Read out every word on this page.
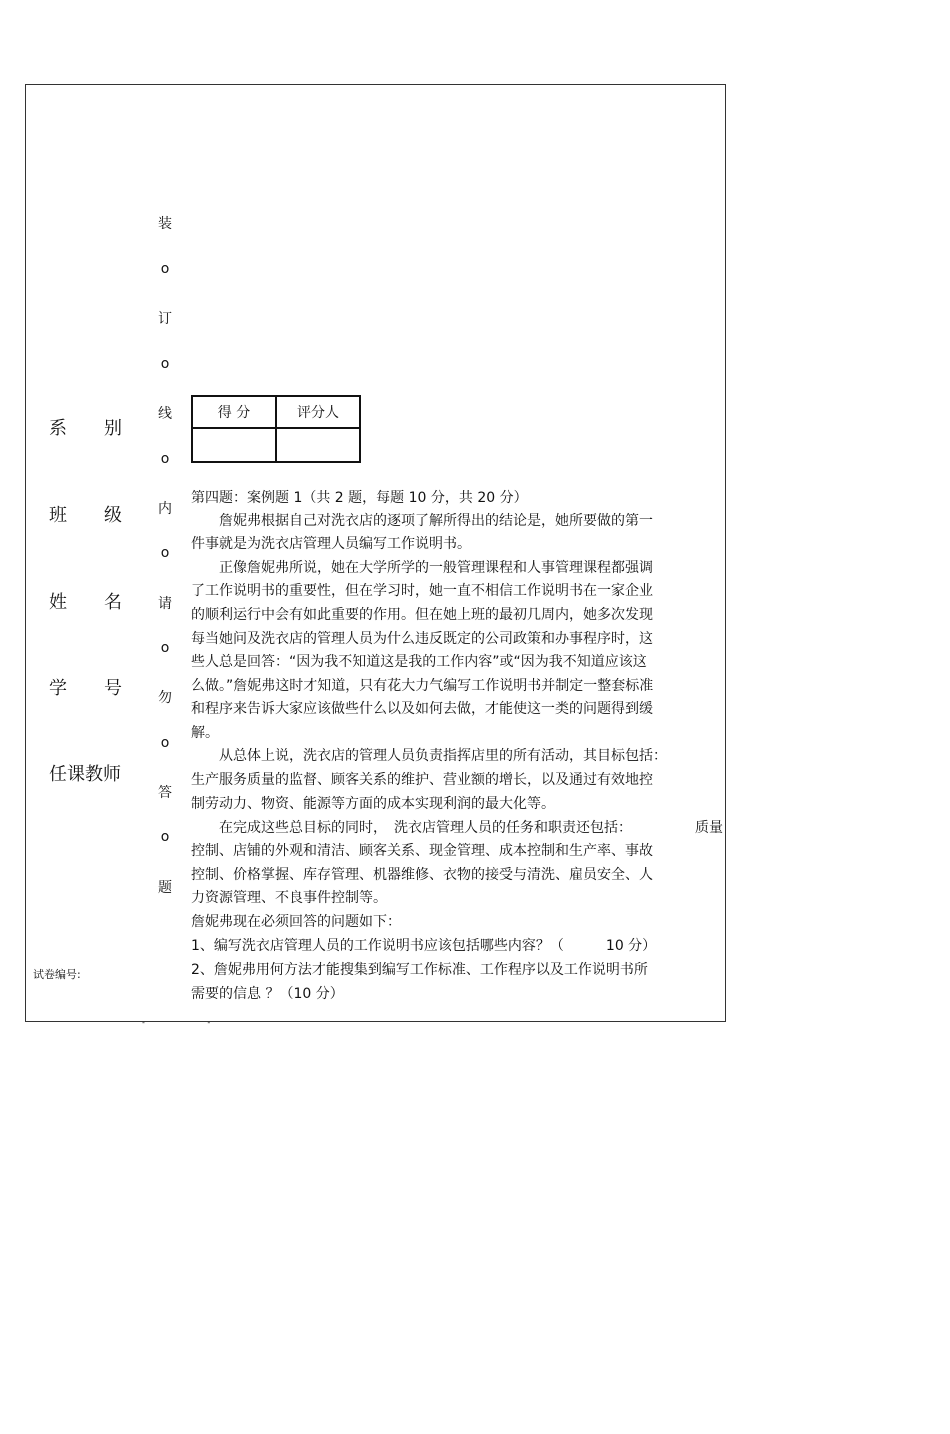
系 别
班 级
姓 名
学 号
任课教师
装
o
订
o
线
o
内
o
请
o
勿
o
答
o
题
得 分	评分人

第四题：案例题 1（共 2 题，每题 10 分，共 20 分）
　　詹妮弗根据自己对洗衣店的逐项了解所得出的结论是，她所要做的第一
件事就是为洗衣店管理人员编写工作说明书。
　　正像詹妮弗所说，她在大学所学的一般管理课程和人事管理课程都强调
了工作说明书的重要性，但在学习时，她一直不相信工作说明书在一家企业
的顺利运行中会有如此重要的作用。但在她上班的最初几周内，她多次发现
每当她问及洗衣店的管理人员为什么违反既定的公司政策和办事程序时，这
些人总是回答：“因为我不知道这是我的工作内容”或“因为我不知道应该这
么做。”詹妮弗这时才知道，只有花大力气编写工作说明书并制定一整套标准
和程序来告诉大家应该做些什么以及如何去做，才能使这一类的问题得到缓
解。
　　从总体上说，洗衣店的管理人员负责指挥店里的所有活动，其目标包括：
生产服务质量的监督、顾客关系的维护、营业额的增长，以及通过有效地控
制劳动力、物资、能源等方面的成本实现利润的最大化等。
　　在完成这些总目标的同时，　洗衣店管理人员的任务和职责还包括：　　　　　质量
控制、店铺的外观和清洁、顾客关系、现金管理、成本控制和生产率、事故
控制、价格掌握、库存管理、机器维修、衣物的接受与清洗、雇员安全、人
力资源管理、不良事件控制等。
詹妮弗现在必须回答的问题如下：
1、编写洗衣店管理人员的工作说明书应该包括哪些内容？（　　　10 分）
2、詹妮弗用何方法才能搜集到编写工作标准、工作程序以及工作说明书所
需要的信息 ？（10 分）
试卷编号:
- -
